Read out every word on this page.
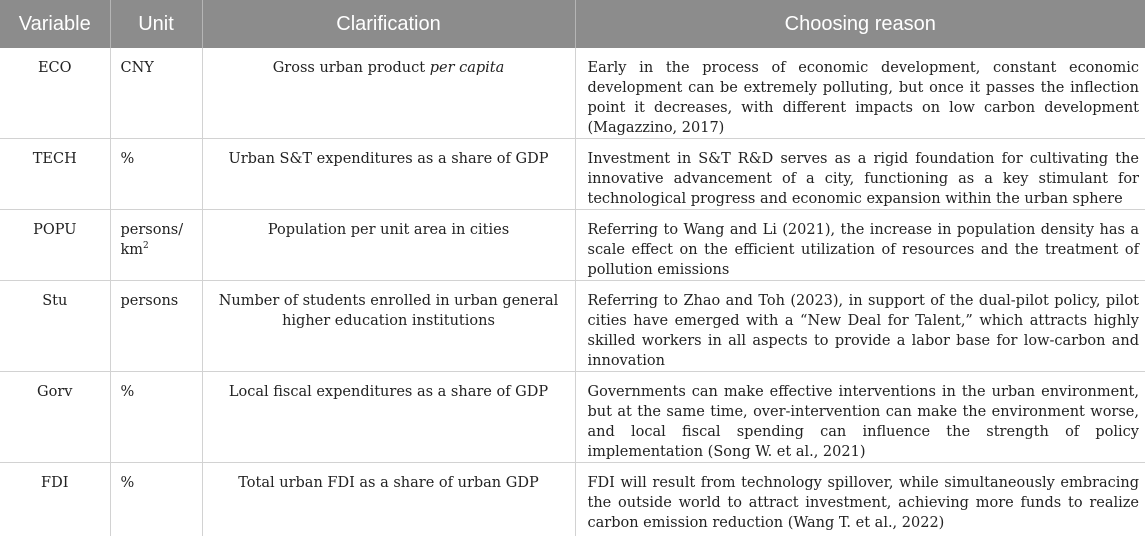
Variable	Unit	Clarification	Choosing reason
ECO	CNY	Gross urban product per capita	Early in the process of economic development, constant economic development can be extremely polluting, but once it passes the inflection point it decreases, with different impacts on low carbon development (Magazzino, 2017)
TECH	%	Urban S&T expenditures as a share of GDP	Investment in S&T R&D serves as a rigid foundation for cultivating the innovative advancement of a city, functioning as a key stimulant for technological progress and economic expansion within the urban sphere
POPU	persons/ $km^2$	Population per unit area in cities	Referring to Wang and Li (2021), the increase in population density has a scale effect on the efficient utilization of resources and the treatment of pollution emissions
Stu	persons	Number of students enrolled in urban general higher education institutions	Referring to Zhao and Toh (2023), in support of the dual-pilot policy, pilot cities have emerged with a “New Deal for Talent,” which attracts highly skilled workers in all aspects to provide a labor base for low-carbon and innovation
Gorv	%	Local fiscal expenditures as a share of GDP	Governments can make effective interventions in the urban environment, but at the same time, over-intervention can make the environment worse, and local fiscal spending can influence the strength of policy implementation (Song W. et al., 2021)
FDI	%	Total urban FDI as a share of urban GDP	FDI will result from technology spillover, while simultaneously embracing the outside world to attract investment, achieving more funds to realize carbon emission reduction (Wang T. et al., 2022)
